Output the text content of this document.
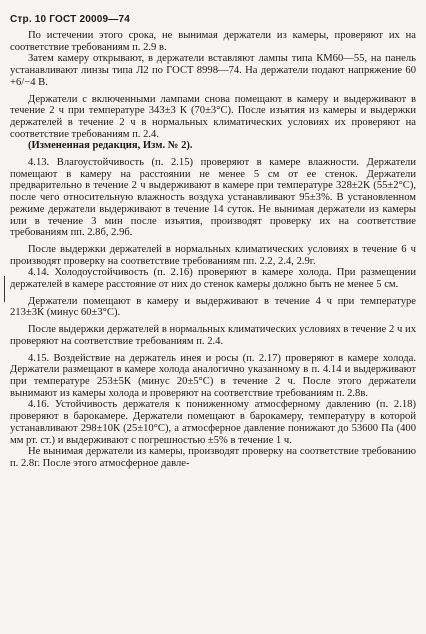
Стр. 10 ГОСТ 20009—74

По истечении этого срока, не вынимая держатели из камеры, проверяют их на соответствие требованиям п. 2.9 в.

Затем камеру открывают, в держатели вставляют лампы типа КМ60—55, на панель устанавливают линзы типа Л2 по ГОСТ 8998—74. На держатели подают напряжение 60 +6/−4 В.

Держатели с включенными лампами снова помещают в камеру и выдерживают в течение 2 ч при температуре 343±3 К (70±3°С). После изъятия из камеры и выдержки держателей в течение 2 ч в нормальных климатических условиях их проверяют на соответствие требованиям п. 2.4.

(Измененная редакция, Изм. № 2).

4.13. Влагоустойчивость (п. 2.15) проверяют в камере влажности. Держатели помещают в камеру на расстоянии не менее 5 см от ее стенок. Держатели предварительно в течение 2 ч выдерживают в камере при температуре 328±2К (55±2°С), после чего относительную влажность воздуха устанавливают 95±3%. В установленном режиме держатели выдерживают в течение 14 суток. Не вынимая держатели из камеры или в течение 3 мин после изъятия, производят проверку их на соответствие требованиям пп. 2.8б, 2.9б.

После выдержки держателей в нормальных климатических условиях в течение 6 ч производят проверку на соответствие требованиям пп. 2.2, 2.4, 2.9г.

4.14. Холодоустойчивость (п. 2.16) проверяют в камере холода. При размещении держателей в камере расстояние от них до стенок камеры должно быть не менее 5 см.

Держатели помещают в камеру и выдерживают в течение 4 ч при температуре 213±3К (минус 60±3°С).

После выдержки держателей в нормальных климатических условиях в течение 2 ч их проверяют на соответствие требованиям п. 2.4.

4.15. Воздействие на держатель инея и росы (п. 2.17) проверяют в камере холода. Держатели размещают в камере холода аналогично указанному в п. 4.14 и выдерживают при температуре 253±5К (минус 20±5°С) в течение 2 ч. После этого держатели вынимают из камеры холода и проверяют на соответствие требованиям п. 2.8в.

4.16. Устойчивость держателя к пониженному атмосферному давлению (п. 2.18) проверяют в барокамере. Держатели помещают в барокамеру, температуру в которой устанавливают 298±10К (25±10°С), а атмосферное давление понижают до 53600 Па (400 мм рт. ст.) и выдерживают с погрешностью ±5% в течение 1 ч.

Не вынимая держатели из камеры, производят проверку на соответствие требованию п. 2.8г. После этого атмосферное давле-
